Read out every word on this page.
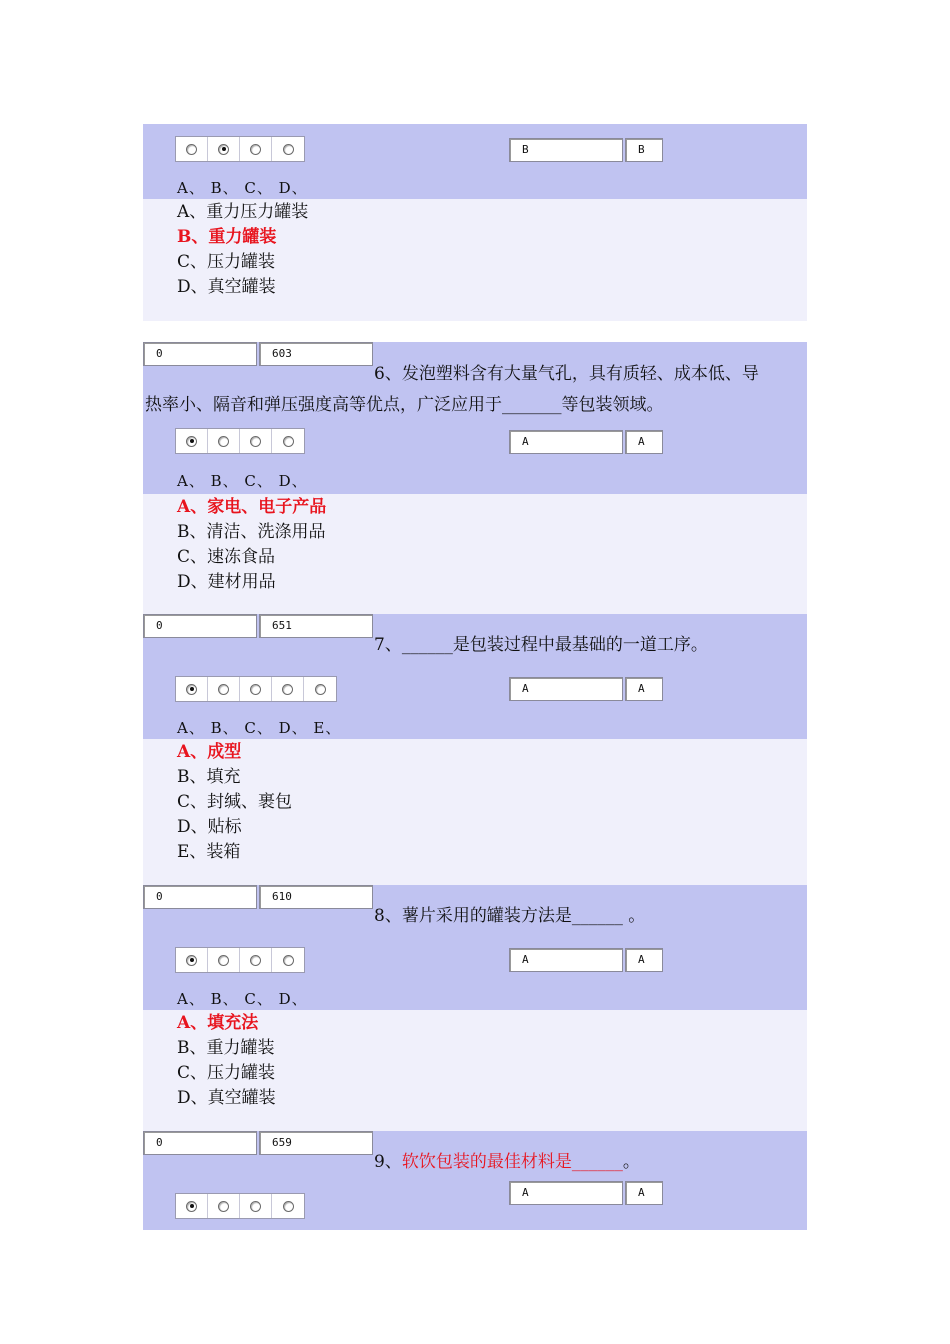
B	B
A、 B、 C、 D、
A、重力压力罐装
B、重力罐装
C、压力罐装
D、真空罐装
0	603
6、发泡塑料含有大量气孔，具有质轻、成本低、导
热率小、隔音和弹压强度高等优点，广泛应用于_______等包装领域。
A	A
A、 B、 C、 D、
A、家电、电子产品
B、清洁、洗涤用品
C、速冻食品
D、建材用品
0	651
7、______是包装过程中最基础的一道工序。
A	A
A、 B、 C、 D、 E、
A、成型
B、填充
C、封缄、裹包
D、贴标
E、装箱
0	610
8、薯片采用的罐装方法是______ 。
A	A
A、 B、 C、 D、
A、填充法
B、重力罐装
C、压力罐装
D、真空罐装
0	659
9、软饮包装的最佳材料是______。
A	A
